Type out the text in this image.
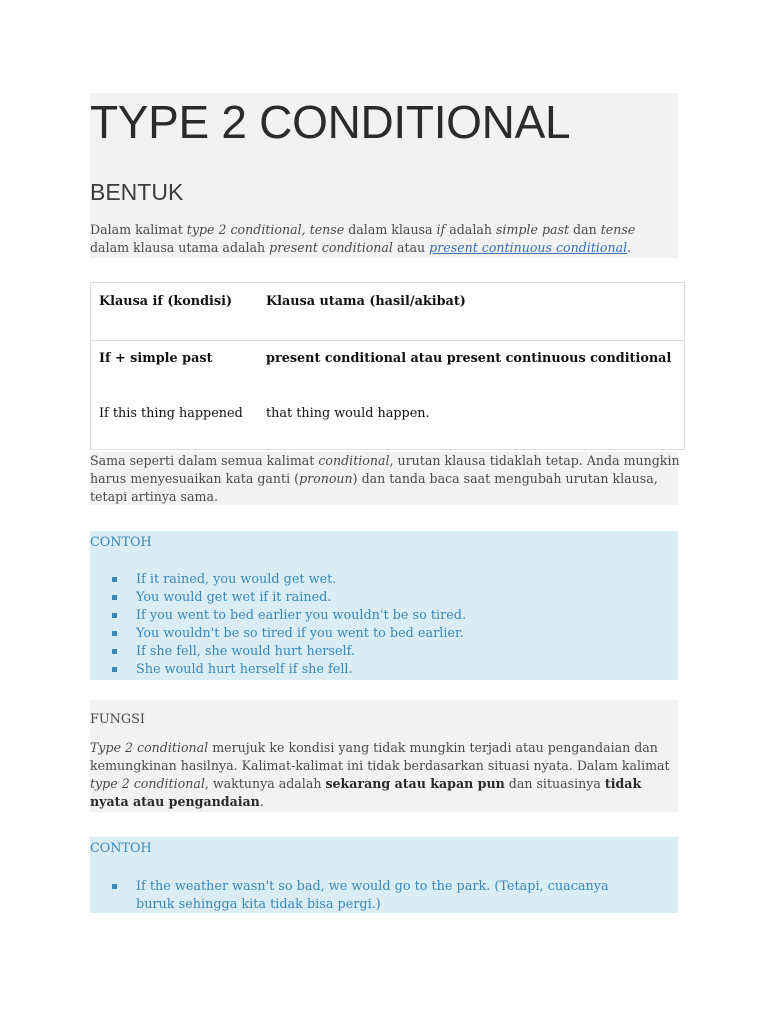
TYPE 2 CONDITIONAL
BENTUK
Dalam kalimat type 2 conditional, tense dalam klausa if adalah simple past dan tense dalam klausa utama adalah present conditional atau present continuous conditional.
Klausa if (kondisi)	Klausa utama (hasil/akibat)
If + simple past	present conditional atau present continuous conditional
If this thing happened that thing would happen.
Sama seperti dalam semua kalimat conditional, urutan klausa tidaklah tetap. Anda mungkin harus menyesuaikan kata ganti (pronoun) dan tanda baca saat mengubah urutan klausa, tetapi artinya sama.
CONTOH
If it rained, you would get wet.
You would get wet if it rained.
If you went to bed earlier you wouldn't be so tired.
You wouldn't be so tired if you went to bed earlier.
If she fell, she would hurt herself.
She would hurt herself if she fell.
FUNGSI
Type 2 conditional merujuk ke kondisi yang tidak mungkin terjadi atau pengandaian dan kemungkinan hasilnya. Kalimat-kalimat ini tidak berdasarkan situasi nyata. Dalam kalimat type 2 conditional, waktunya adalah sekarang atau kapan pun dan situasinya tidak nyata atau pengandaian.
CONTOH
If the weather wasn't so bad, we would go to the park. (Tetapi, cuacanya buruk sehingga kita tidak bisa pergi.)
